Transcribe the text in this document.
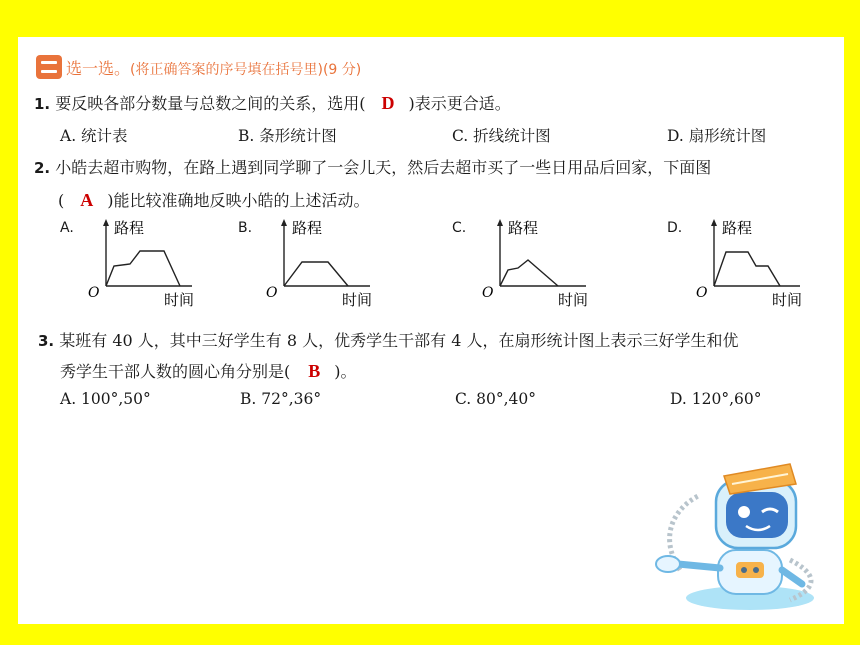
选一选。(将正确答案的序号填在括号里)(9 分)
1. 要反映各部分数量与总数之间的关系，选用( D )表示更合适。
A. 统计表	B. 条形统计图	C. 折线统计图	D. 扇形统计图
2. 小皓去超市购物，在路上遇到同学聊了一会儿天，然后去超市买了一些日用品后回家，下面图
( A )能比较准确地反映小皓的上述活动。
A.	路程
O	时间
B.	路程
O	时间
C.	路程
O	时间
D.	路程
O	时间
3. 某班有 40 人，其中三好学生有 8 人，优秀学生干部有 4 人，在扇形统计图上表示三好学生和优
秀学生干部人数的圆心角分别是( B )。
A. 100°,50°	B. 72°,36°	C. 80°,40°	D. 120°,60°
